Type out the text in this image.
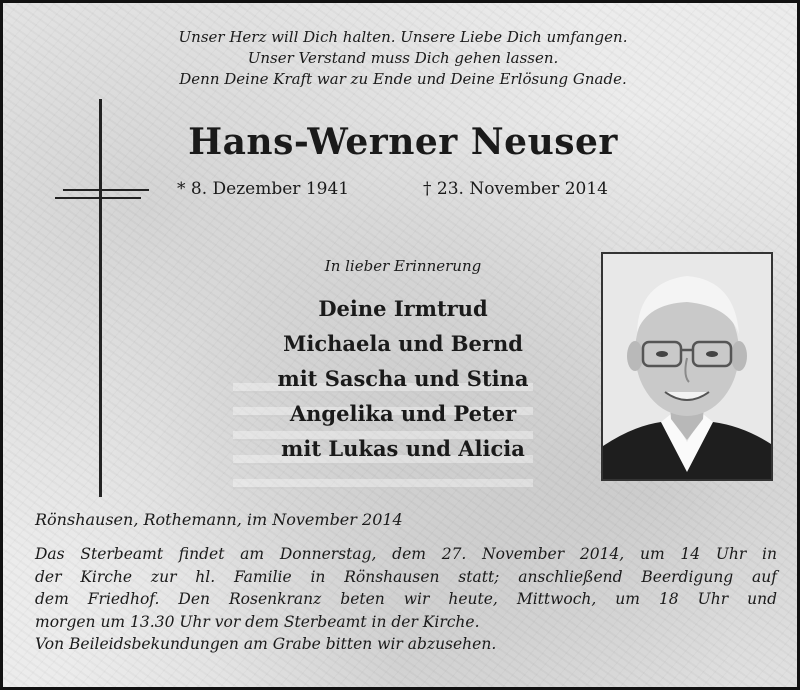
Unser Herz will Dich halten. Unsere Liebe Dich umfangen.
Unser Verstand muss Dich gehen lassen.
Denn Deine Kraft war zu Ende und Deine Erlösung Gnade.
Hans-Werner Neuser
* 8. Dezember 1941	† 23. November 2014
In lieber Erinnerung
Deine Irmtrud
Michaela und Bernd
mit Sascha und Stina
Angelika und Peter
mit Lukas und Alicia
Rönshausen, Rothemann, im November 2014
Das Sterbeamt findet am Donnerstag, dem 27. November 2014, um 14 Uhr in
der Kirche zur hl. Familie in Rönshausen statt; anschließend Beerdigung auf
dem Friedhof. Den Rosenkranz beten wir heute, Mittwoch, um 18 Uhr und
morgen um 13.30 Uhr vor dem Sterbeamt in der Kirche.
Von Beileidsbekundungen am Grabe bitten wir abzusehen.
